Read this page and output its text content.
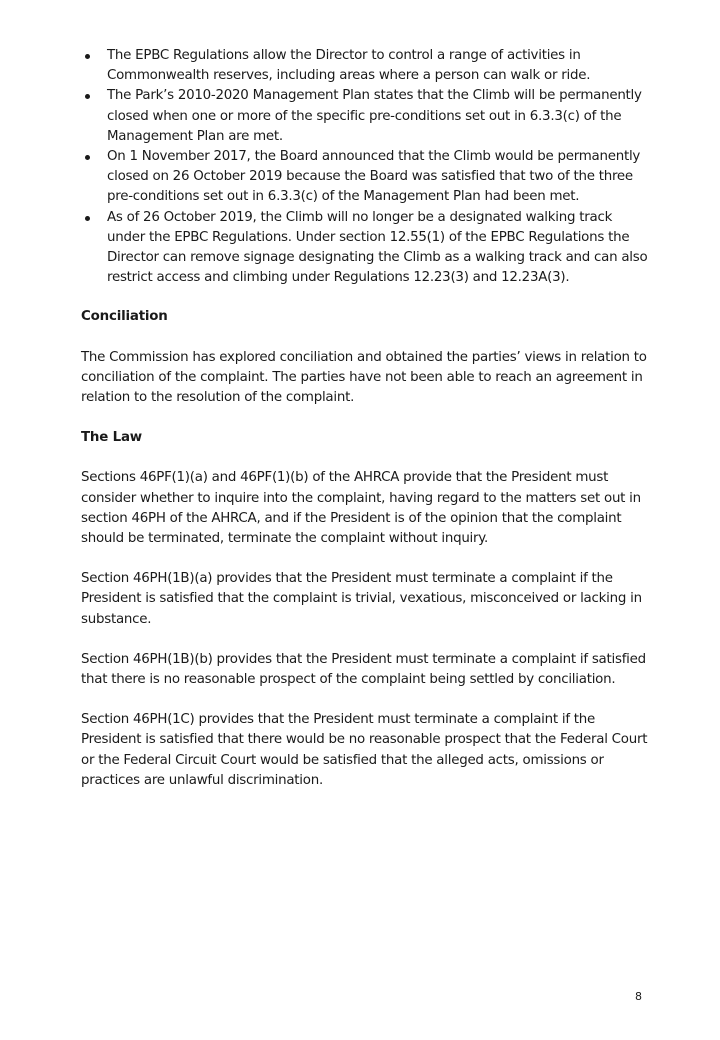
The EPBC Regulations allow the Director to control a range of activities in Commonwealth reserves, including areas where a person can walk or ride.
The Park’s 2010-2020 Management Plan states that the Climb will be permanently closed when one or more of the specific pre-conditions set out in 6.3.3(c) of the Management Plan are met.
On 1 November 2017, the Board announced that the Climb would be permanently closed on 26 October 2019 because the Board was satisfied that two of the three pre-conditions set out in 6.3.3(c) of the Management Plan had been met.
As of 26 October 2019, the Climb will no longer be a designated walking track under the EPBC Regulations. Under section 12.55(1) of the EPBC Regulations the Director can remove signage designating the Climb as a walking track and can also restrict access and climbing under Regulations 12.23(3) and 12.23A(3).
Conciliation

The Commission has explored conciliation and obtained the parties’ views in relation to conciliation of the complaint. The parties have not been able to reach an agreement in relation to the resolution of the complaint.

The Law

Sections 46PF(1)(a) and 46PF(1)(b) of the AHRCA provide that the President must consider whether to inquire into the complaint, having regard to the matters set out in section 46PH of the AHRCA, and if the President is of the opinion that the complaint should be terminated, terminate the complaint without inquiry.

Section 46PH(1B)(a) provides that the President must terminate a complaint if the President is satisfied that the complaint is trivial, vexatious, misconceived or lacking in substance.

Section 46PH(1B)(b) provides that the President must terminate a complaint if satisfied that there is no reasonable prospect of the complaint being settled by conciliation.

Section 46PH(1C) provides that the President must terminate a complaint if the President is satisfied that there would be no reasonable prospect that the Federal Court or the Federal Circuit Court would be satisfied that the alleged acts, omissions or practices are unlawful discrimination.

8
